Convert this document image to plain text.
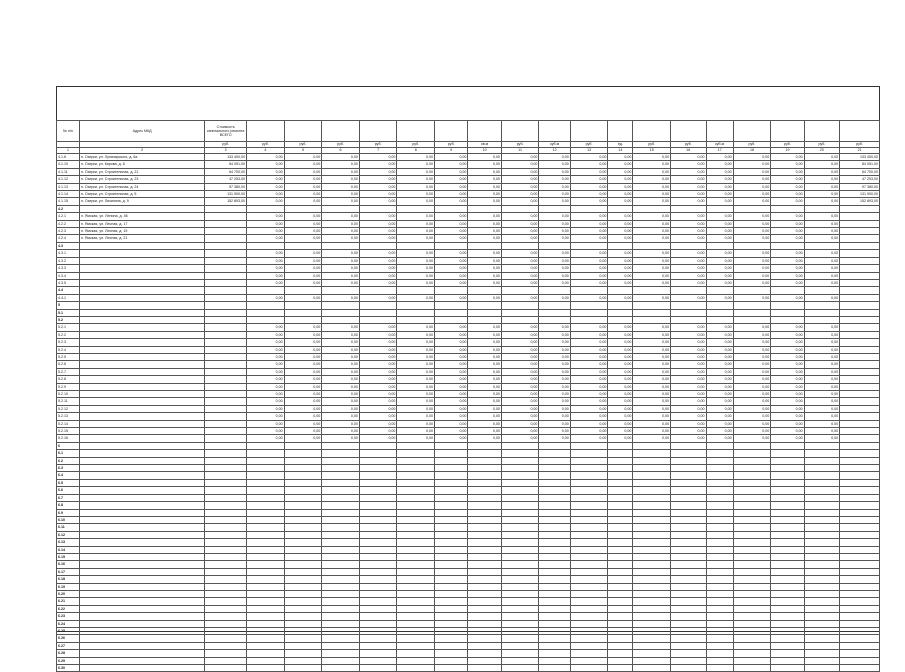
№ п/п	Адрес МКД	Стоимость капитального ремонта ВСЕГО																		
		руб.	руб.	руб.	руб.	руб.	руб.	руб.	кв.м	руб.	куб.м	руб.	ед.	руб.	руб.	куб.м	руб.	руб.	руб.	руб.
1	2	3	4	5	6	7	8	9	10	11	12	13	14	15	16	17	18	19	20	21
4.1.6	п. Озерки, ул. Луначарского, д. 6а	133 400,00	0,00	0,00	0,00	0,00	0,00	0,00	0,00	0,00	0,00	0,00	0,00	0,00	0,00	0,00	0,00	0,00	0,00	133 400,00
4.1.10	п. Озерки, ул. Кирова, д. 6	84 051,00	0,00	0,00	0,00	0,00	0,00	0,00	0,00	0,00	0,00	0,00	0,00	0,00	0,00	0,00	0,00	0,00	0,00	84 051,00
4.1.11	п. Озерки, ул. Строительная, д. 21	64 700,00	0,00	0,00	0,00	0,00	0,00	0,00	0,00	0,00	0,00	0,00	0,00	0,00	0,00	0,00	0,00	0,00	0,00	64 700,00
4.1.12	п. Озерки, ул. Строительная, д. 23	47 253,00	0,00	0,00	0,00	0,00	0,00	0,00	0,00	0,00	0,00	0,00	0,00	0,00	0,00	0,00	0,00	0,00	0,00	47 253,00
4.1.13	п. Озерки, ул. Строительная, д. 24	97 380,00	0,00	0,00	0,00	0,00	0,00	0,00	0,00	0,00	0,00	0,00	0,00	0,00	0,00	0,00	0,00	0,00	0,00	97 380,00
4.1.14	п. Озерки, ул. Строительная, д. 5	131 900,00	0,00	0,00	0,00	0,00	0,00	0,00	0,00	0,00	0,00	0,00	0,00	0,00	0,00	0,00	0,00	0,00	0,00	131 900,00
4.1.15	п. Озерки, ул. Лачихина, д. 9	152 893,00	0,00	0,00	0,00	0,00	0,00	0,00	0,00	0,00	0,00	0,00	0,00	0,00	0,00	0,00	0,00	0,00	0,00	152 893,00
4.2																				
4.2.1	п. Ямская, ул. Ленина, д. 46		0,00	0,00	0,00	0,00	0,00	0,00	0,00	0,00	0,00	0,00	0,00	0,00	0,00	0,00	0,00	0,00	0,00	
4.2.2	п. Ямская, ул. Лесная, д. 17		0,00	0,00	0,00	0,00	0,00	0,00	0,00	0,00	0,00	0,00	0,00	0,00	0,00	0,00	0,00	0,00	0,00	
4.2.3	п. Ямская, ул. Лесная, д. 19		0,00	0,00	0,00	0,00	0,00	0,00	0,00	0,00	0,00	0,00	0,00	0,00	0,00	0,00	0,00	0,00	0,00	
4.2.4	п. Ямская, ул. Лесная, д. 21		0,00	0,00	0,00	0,00	0,00	0,00	0,00	0,00	0,00	0,00	0,00	0,00	0,00	0,00	0,00	0,00	0,00	
4.3																				
4.3.1			0,00	0,00	0,00	0,00	0,00	0,00	0,00	0,00	0,00	0,00	0,00	0,00	0,00	0,00	0,00	0,00	0,00	
4.3.2			0,00	0,00	0,00	0,00	0,00	0,00	0,00	0,00	0,00	0,00	0,00	0,00	0,00	0,00	0,00	0,00	0,00	
4.3.3			0,00	0,00	0,00	0,00	0,00	0,00	0,00	0,00	0,00	0,00	0,00	0,00	0,00	0,00	0,00	0,00	0,00	
4.3.4			0,00	0,00	0,00	0,00	0,00	0,00	0,00	0,00	0,00	0,00	0,00	0,00	0,00	0,00	0,00	0,00	0,00	
4.3.5			0,00	0,00	0,00	0,00	0,00	0,00	0,00	0,00	0,00	0,00	0,00	0,00	0,00	0,00	0,00	0,00	0,00	
4.4																				
4.4.1			0,00	0,00	0,00	0,00	0,00	0,00	0,00	0,00	0,00	0,00	0,00	0,00	0,00	0,00	0,00	0,00	0,00	
5																				
5.1																				
5.2																				
5.2.1			0,00	0,00	0,00	0,00	0,00	0,00	0,00	0,00	0,00	0,00	0,00	0,00	0,00	0,00	0,00	0,00	0,00	
5.2.2			0,00	0,00	0,00	0,00	0,00	0,00	0,00	0,00	0,00	0,00	0,00	0,00	0,00	0,00	0,00	0,00	0,00	
5.2.3			0,00	0,00	0,00	0,00	0,00	0,00	0,00	0,00	0,00	0,00	0,00	0,00	0,00	0,00	0,00	0,00	0,00	
5.2.4			0,00	0,00	0,00	0,00	0,00	0,00	0,00	0,00	0,00	0,00	0,00	0,00	0,00	0,00	0,00	0,00	0,00	
5.2.5			0,00	0,00	0,00	0,00	0,00	0,00	0,00	0,00	0,00	0,00	0,00	0,00	0,00	0,00	0,00	0,00	0,00	
5.2.6			0,00	0,00	0,00	0,00	0,00	0,00	0,00	0,00	0,00	0,00	0,00	0,00	0,00	0,00	0,00	0,00	0,00	
5.2.7			0,00	0,00	0,00	0,00	0,00	0,00	0,00	0,00	0,00	0,00	0,00	0,00	0,00	0,00	0,00	0,00	0,00	
5.2.8			0,00	0,00	0,00	0,00	0,00	0,00	0,00	0,00	0,00	0,00	0,00	0,00	0,00	0,00	0,00	0,00	0,00	
5.2.9			0,00	0,00	0,00	0,00	0,00	0,00	0,00	0,00	0,00	0,00	0,00	0,00	0,00	0,00	0,00	0,00	0,00	
5.2.10			0,00	0,00	0,00	0,00	0,00	0,00	0,00	0,00	0,00	0,00	0,00	0,00	0,00	0,00	0,00	0,00	0,00	
5.2.11			0,00	0,00	0,00	0,00	0,00	0,00	0,00	0,00	0,00	0,00	0,00	0,00	0,00	0,00	0,00	0,00	0,00	
5.2.12			0,00	0,00	0,00	0,00	0,00	0,00	0,00	0,00	0,00	0,00	0,00	0,00	0,00	0,00	0,00	0,00	0,00	
5.2.13			0,00	0,00	0,00	0,00	0,00	0,00	0,00	0,00	0,00	0,00	0,00	0,00	0,00	0,00	0,00	0,00	0,00	
5.2.14			0,00	0,00	0,00	0,00	0,00	0,00	0,00	0,00	0,00	0,00	0,00	0,00	0,00	0,00	0,00	0,00	0,00	
5.2.15			0,00	0,00	0,00	0,00	0,00	0,00	0,00	0,00	0,00	0,00	0,00	0,00	0,00	0,00	0,00	0,00	0,00	
5.2.16			0,00	0,00	0,00	0,00	0,00	0,00	0,00	0,00	0,00	0,00	0,00	0,00	0,00	0,00	0,00	0,00	0,00	
6																				
6.1																				
6.2																				
6.3																				
6.4																				
6.5																				
6.6																				
6.7																				
6.8																				
6.9																				
6.10																				
6.11																				
6.12																				
6.13																				
6.14																				
6.15																				
6.16																				
6.17																				
6.18																				
6.19																				
6.20																				
6.21																				
6.22																				
6.23																				
6.24																				
6.25																				
6.26																				
6.27																				
6.28																				
6.29																				
6.30																				
